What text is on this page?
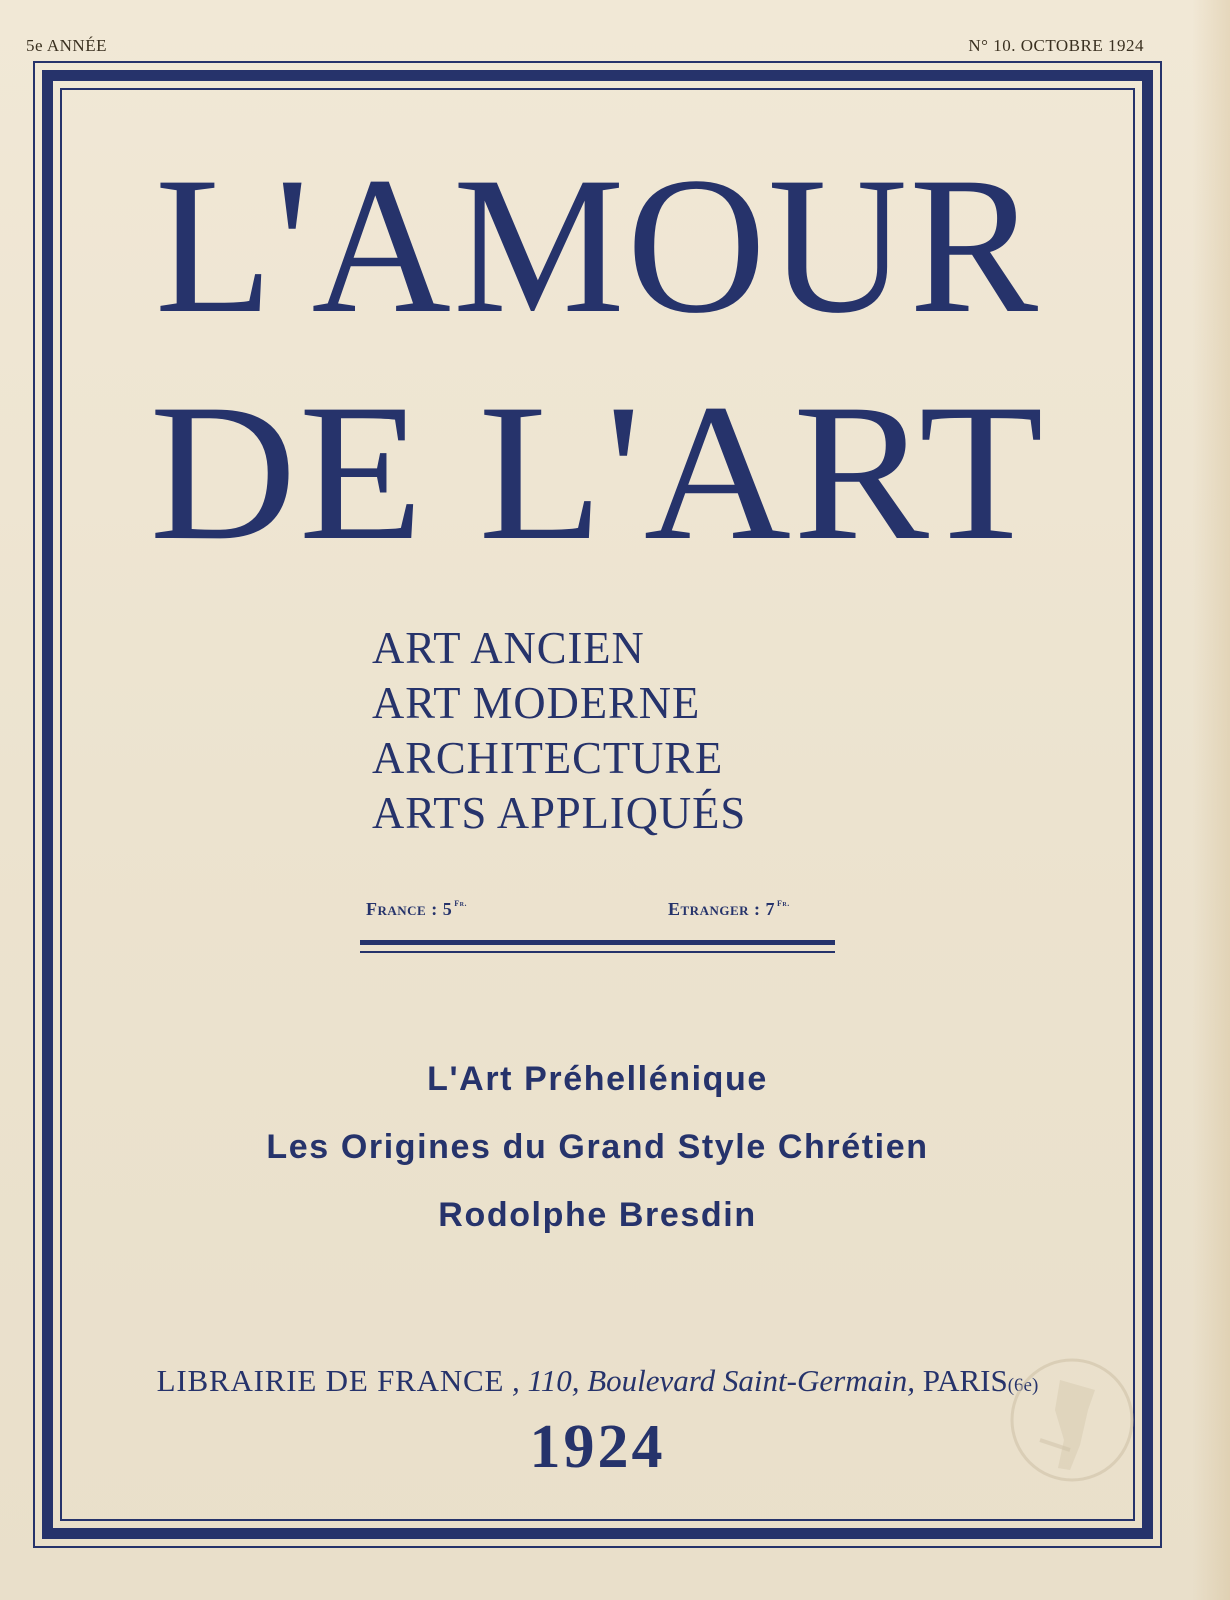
5e ANNÉE	N° 10. OCTOBRE 1924
L'AMOUR
DE L'ART
ART ANCIEN
ART MODERNE
ARCHITECTURE
ARTS APPLIQUÉS
France : 5 $^{Fr.}$	Etranger : 7 $^{Fr.}$
L'Art Préhellénique
Les Origines du Grand Style Chrétien
Rodolphe Bresdin
LIBRAIRIE DE FRANCE , 110, Boulevard Saint-Germain, PARIS(6e)
1924
